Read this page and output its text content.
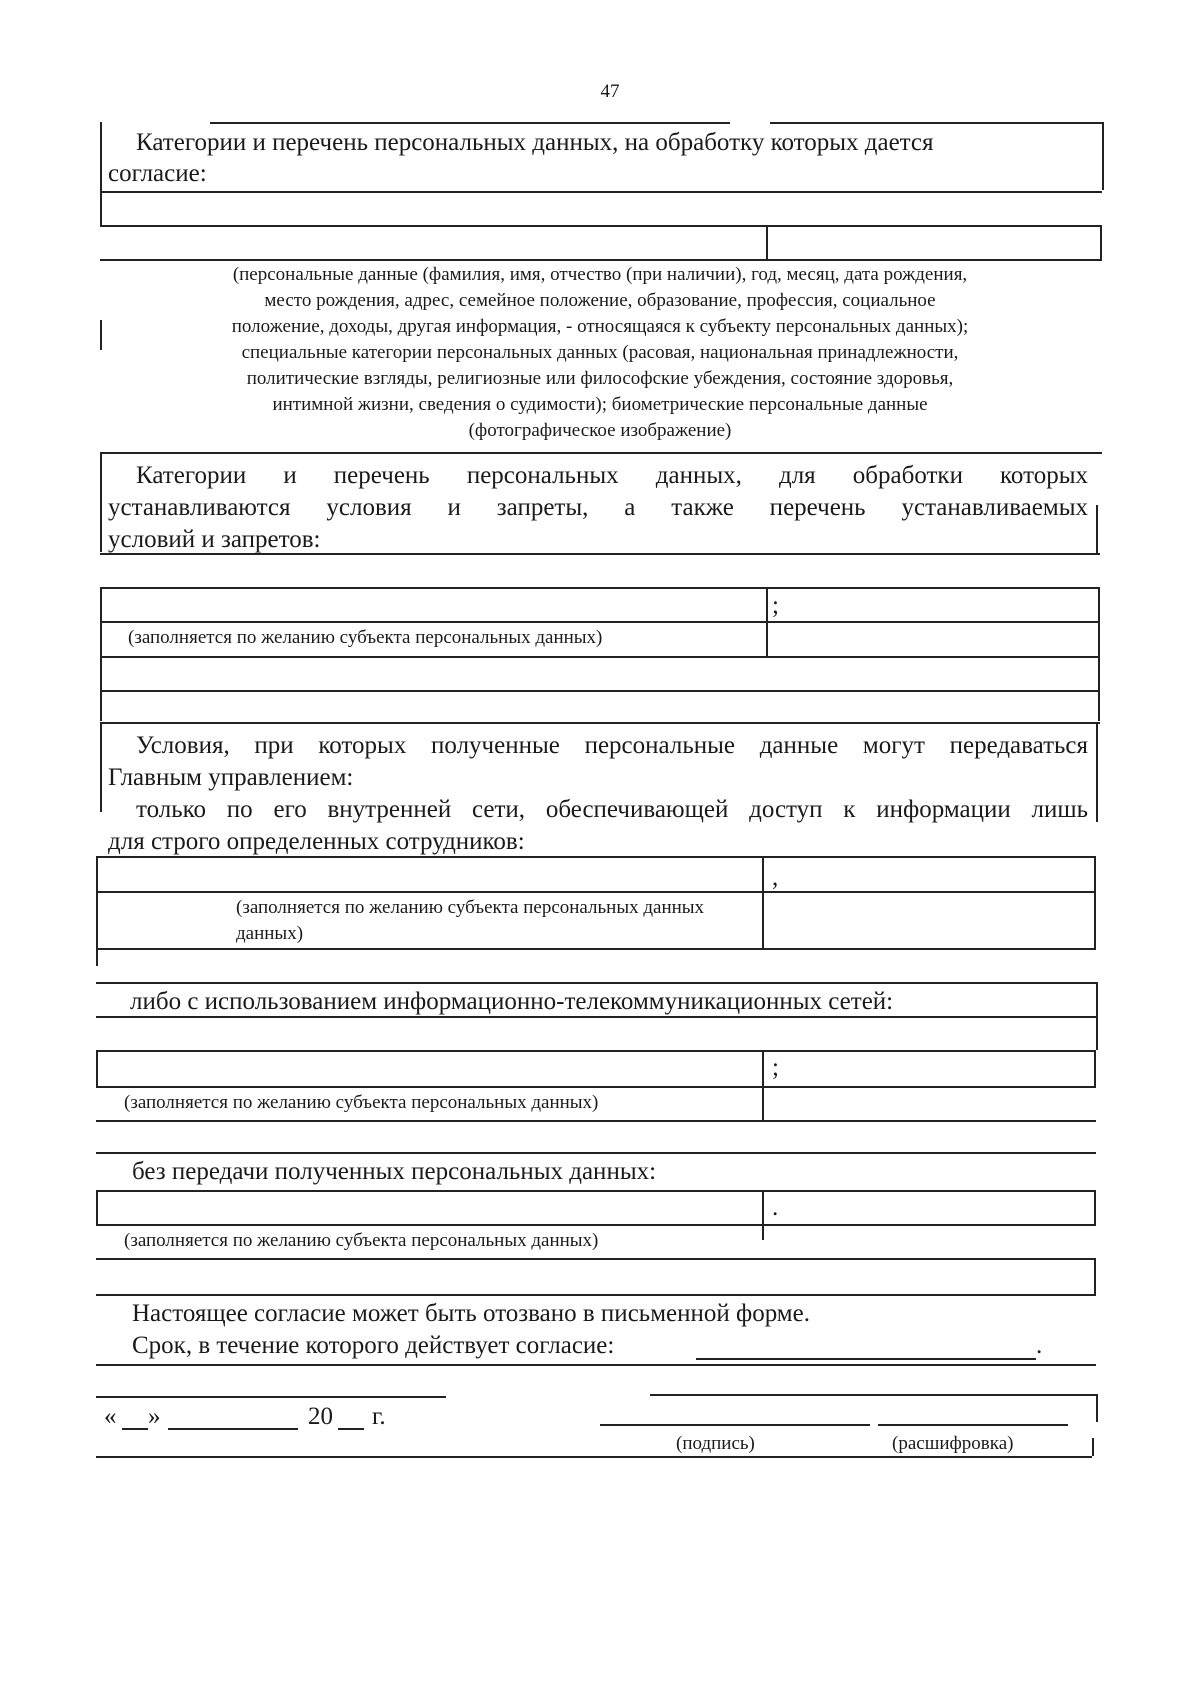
47
Категории и перечень персональных данных, на обработку которых дается
согласие:
(персональные данные (фамилия, имя, отчество (при наличии), год, месяц, дата рождения,
место рождения, адрес, семейное положение, образование, профессия, социальное
положение, доходы, другая информация, - относящаяся к субъекту персональных данных);
специальные категории персональных данных (расовая, национальная принадлежности,
политические взгляды, религиозные или философские убеждения, состояние здоровья,
интимной жизни, сведения о судимости); биометрические персональные данные
(фотографическое изображение)
Категории и перечень персональных данных, для обработки которых
устанавливаются условия и запреты, а также перечень устанавливаемых
условий и запретов:
;
(заполняется по желанию субъекта персональных данных)
Условия, при которых полученные персональные данные могут передаваться
Главным управлением:
только по его внутренней сети, обеспечивающей доступ к информации лишь
для строго определенных сотрудников:
,
(заполняется по желанию субъекта персональных данных
данных)
либо с использованием информационно-телекоммуникационных сетей:
;
(заполняется по желанию субъекта персональных данных)
без передачи полученных персональных данных:
.
(заполняется по желанию субъекта персональных данных)
Настоящее согласие может быть отозвано в письменной форме.
Срок, в течение которого действует согласие:	.
« »	20 г.
(подпись)	(расшифровка)
